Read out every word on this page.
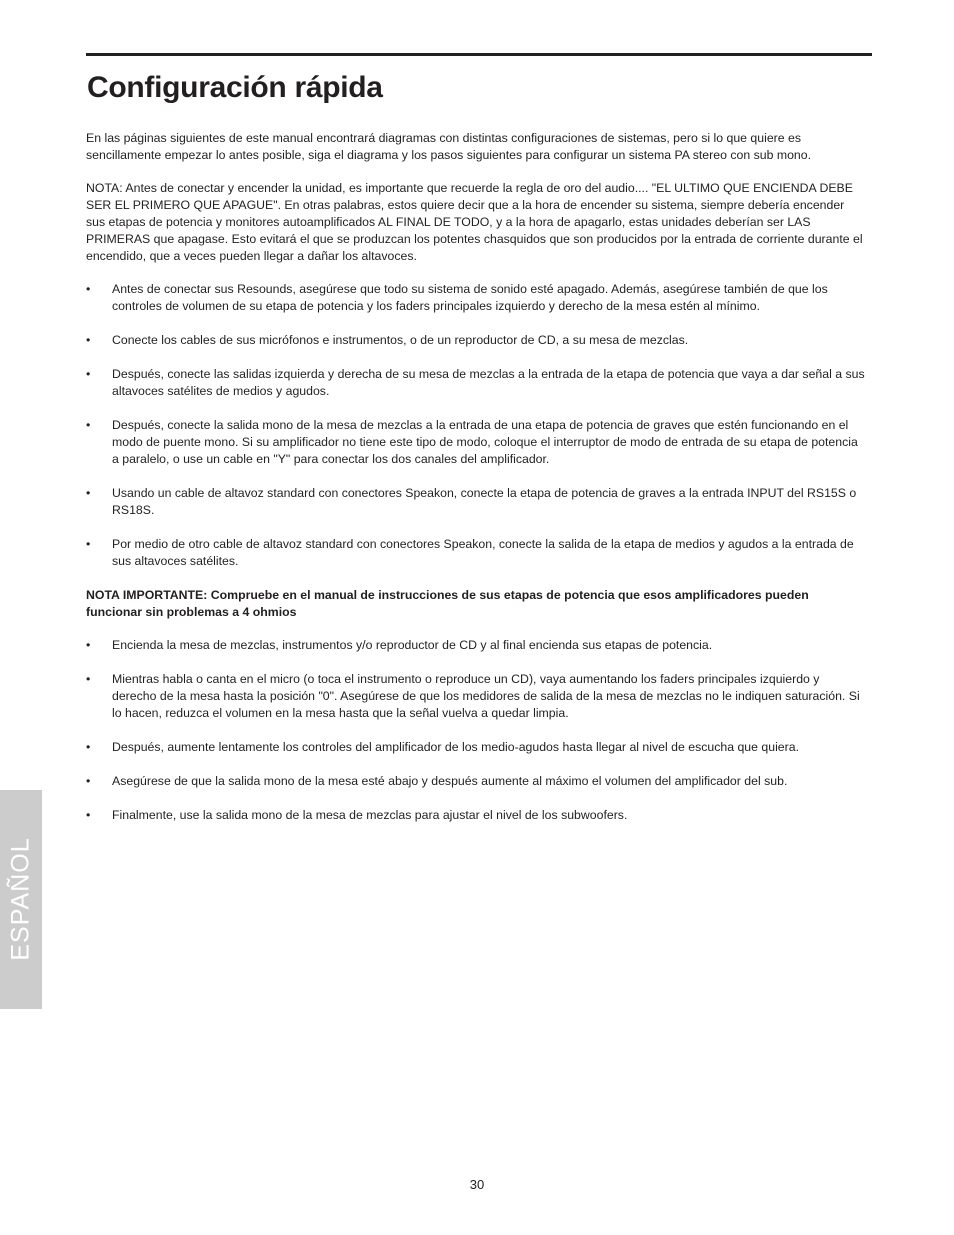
Configuración rápida

En las páginas siguientes de este manual encontrará diagramas con distintas configuraciones de sistemas, pero si lo que quiere es sencillamente empezar lo antes posible, siga el diagrama y los pasos siguientes para configurar un sistema PA stereo con sub mono.

NOTA: Antes de conectar y encender la unidad, es importante que recuerde la regla de oro del audio.... "EL ULTIMO QUE ENCIENDA DEBE SER EL PRIMERO QUE APAGUE". En otras palabras, estos quiere decir que a la hora de encender su sistema, siempre debería encender sus etapas de potencia y monitores autoamplificados AL FINAL DE TODO, y a la hora de apagarlo, estas unidades deberían ser LAS PRIMERAS que apagase. Esto evitará el que se produzcan los potentes chasquidos que son producidos por la entrada de corriente durante el encendido, que a veces pueden llegar a dañar los altavoces.

• Antes de conectar sus Resounds, asegúrese que todo su sistema de sonido esté apagado. Además, asegúrese también de que los controles de volumen de su etapa de potencia y los faders principales izquierdo y derecho de la mesa estén al mínimo.
• Conecte los cables de sus micrófonos e instrumentos, o de un reproductor de CD, a su mesa de mezclas.
• Después, conecte las salidas izquierda y derecha de su mesa de mezclas a la entrada de la etapa de potencia que vaya a dar señal a sus altavoces satélites de medios y agudos.
• Después, conecte la salida mono de la mesa de mezclas a la entrada de una etapa de potencia de graves que estén funcionando en el modo de puente mono. Si su amplificador no tiene este tipo de modo, coloque el interruptor de modo de entrada de su etapa de potencia a paralelo, o use un cable en "Y" para conectar los dos canales del amplificador.
• Usando un cable de altavoz standard con conectores Speakon, conecte la etapa de potencia de graves a la entrada INPUT del RS15S o RS18S.
• Por medio de otro cable de altavoz standard con conectores Speakon, conecte la salida de la etapa de medios y agudos a la entrada de sus altavoces satélites.

NOTA IMPORTANTE: Compruebe en el manual de instrucciones de sus etapas de potencia que esos amplificadores pueden funcionar sin problemas a 4 ohmios

• Encienda la mesa de mezclas, instrumentos y/o reproductor de CD y al final encienda sus etapas de potencia.
• Mientras habla o canta en el micro (o toca el instrumento o reproduce un CD), vaya aumentando los faders principales izquierdo y derecho de la mesa hasta la posición "0". Asegúrese de que los medidores de salida de la mesa de mezclas no le indiquen saturación. Si lo hacen, reduzca el volumen en la mesa hasta que la señal vuelva a quedar limpia.
• Después, aumente lentamente los controles del amplificador de los medio-agudos hasta llegar al nivel de escucha que quiera.
• Asegúrese de que la salida mono de la mesa esté abajo y después aumente al máximo el volumen del amplificador del sub.
• Finalmente, use la salida mono de la mesa de mezclas para ajustar el nivel de los subwoofers.
ESPAÑOL
30
